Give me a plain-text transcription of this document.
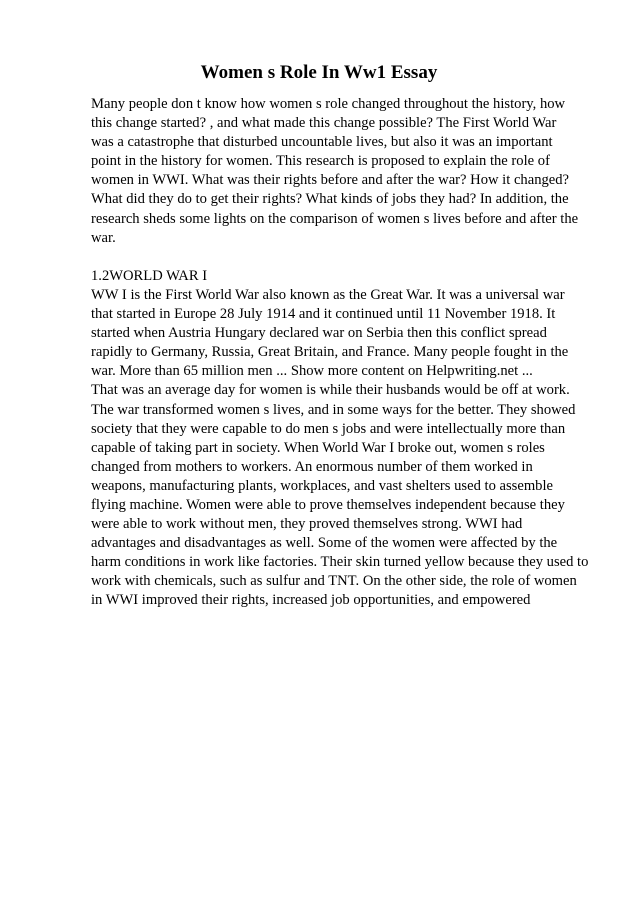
Women s Role In Ww1 Essay
Many people don t know how women s role changed throughout the history, how
this change started? , and what made this change possible? The First World War
was a catastrophe that disturbed uncountable lives, but also it was an important
point in the history for women. This research is proposed to explain the role of
women in WWI. What was their rights before and after the war? How it changed?
What did they do to get their rights? What kinds of jobs they had? In addition, the
research sheds some lights on the comparison of women s lives before and after the
war.
1.2WORLD WAR I
WW I is the First World War also known as the Great War. It was a universal war
that started in Europe 28 July 1914 and it continued until 11 November 1918. It
started when Austria Hungary declared war on Serbia then this conflict spread
rapidly to Germany, Russia, Great Britain, and France. Many people fought in the
war. More than 65 million men ... Show more content on Helpwriting.net ...
That was an average day for women is while their husbands would be off at work.
The war transformed women s lives, and in some ways for the better. They showed
society that they were capable to do men s jobs and were intellectually more than
capable of taking part in society. When World War I broke out, women s roles
changed from mothers to workers. An enormous number of them worked in
weapons, manufacturing plants, workplaces, and vast shelters used to assemble
flying machine. Women were able to prove themselves independent because they
were able to work without men, they proved themselves strong. WWI had
advantages and disadvantages as well. Some of the women were affected by the
harm conditions in work like factories. Their skin turned yellow because they used to
work with chemicals, such as sulfur and TNT. On the other side, the role of women
in WWI improved their rights, increased job opportunities, and empowered
